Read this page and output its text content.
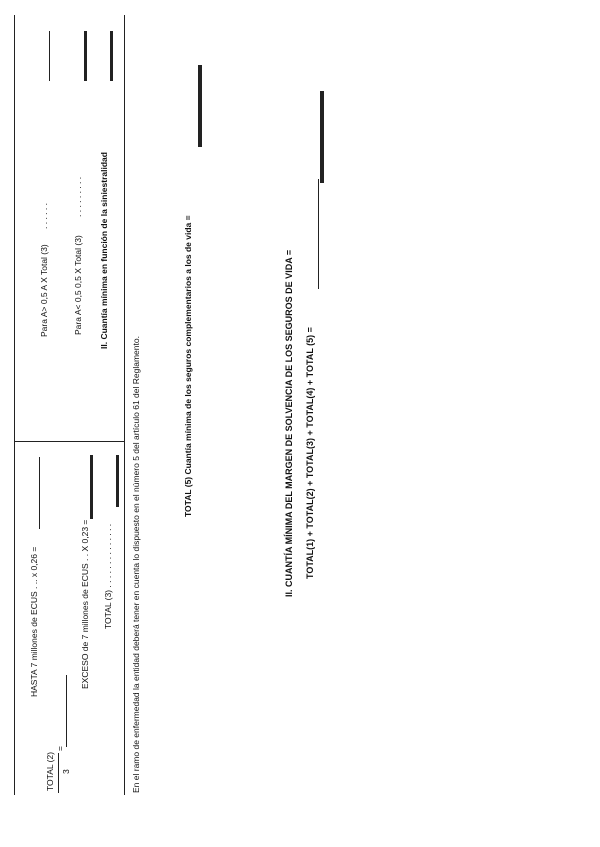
TOTAL (2) 3
=
HASTA 7 millones de ECUS . .. x 0,26 =	EXCESO de 7 millones de ECUS . . X 0,23 = TOTAL (3) . . . . . . . . . . . . . .
Para A> 0,5 A X Total (3)
. . . . . .
Para A< 0,5 0,5 X Total (3)
. . . . . . . . . II. Cuantía mínima en función de la siniestralidad
En el ramo de enfermedad la entidad deberá tener en cuenta lo dispuesto en el número 5 del artículo 61 del Reglamento.	TOTAL (5) Cuantía mínima de los seguros complementarios a los de vida =	II. CUANTÍA MÍNIMA DEL MARGEN DE SOLVENCIA DE LOS SEGUROS DE VIDA = TOTAL(1) + TOTAL(2) + TOTAL(3) + TOTAL(4) + TOTAL (5) =
